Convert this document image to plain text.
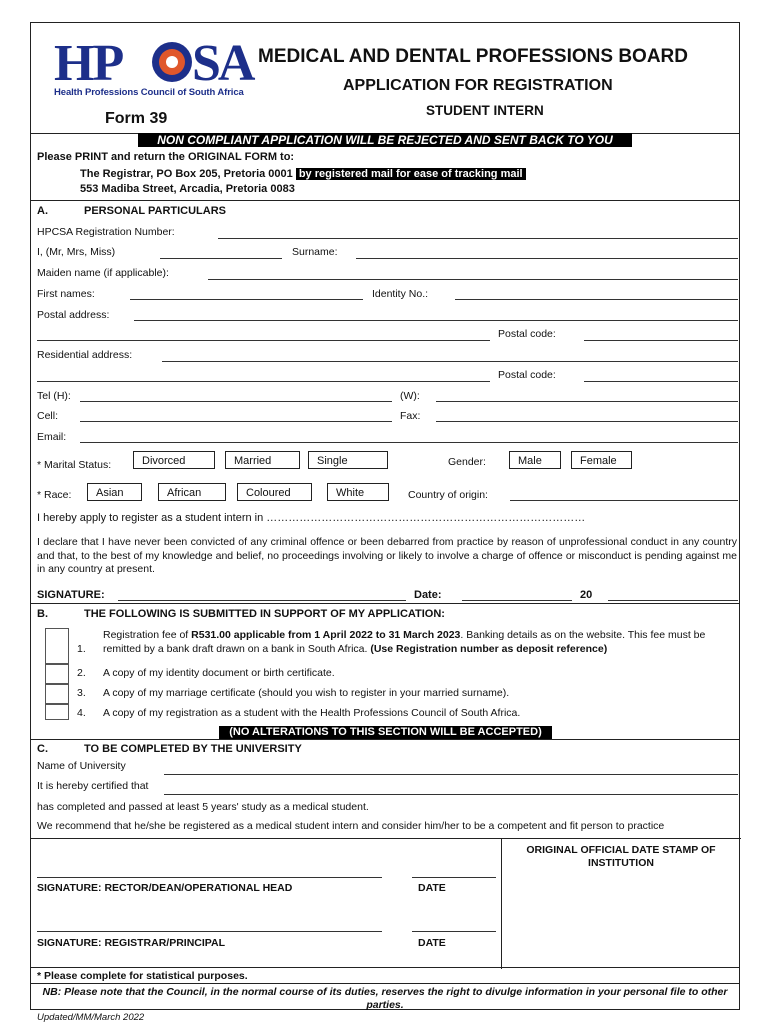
HP SA
Health Professions Council of South Africa
MEDICAL AND DENTAL PROFESSIONS BOARD
APPLICATION FOR REGISTRATION
STUDENT INTERN
Form 39
NON COMPLIANT APPLICATION WILL BE REJECTED AND SENT BACK TO YOU
Please PRINT and return the ORIGINAL FORM to:
The Registrar, PO Box 205, Pretoria 0001 by registered mail for ease of tracking mail
553 Madiba Street, Arcadia, Pretoria 0083
A.	PERSONAL PARTICULARS
HPCSA Registration Number:
I, (Mr, Mrs, Miss)	Surname:
Maiden name (if applicable):
First names:	Identity No.:
Postal address:
Postal code:
Residential address:
Postal code:
Tel (H):	(W):
Cell:	Fax:
Email:
* Marital Status:	Divorced	Married	Single	Gender:	Male	Female
* Race:	Asian	African	Coloured	White	Country of origin:
I hereby apply to register as a student intern in ……………………………………………………………………………
I declare that I have never been convicted of any criminal offence or been debarred from practice by reason of unprofessional conduct in any country and that, to the best of my knowledge and belief, no proceedings involving or likely to involve a charge of offence or misconduct is pending against me in any country at present.
SIGNATURE:	Date:	20
B.	THE FOLLOWING IS SUBMITTED IN SUPPORT OF MY APPLICATION:
1.
Registration fee of R531.00 applicable from 1 April 2022 to 31 March 2023. Banking details as on the website. This fee must be remitted by a bank draft drawn on a bank in South Africa. (Use Registration number as deposit reference)
2. A copy of my identity document or birth certificate.
3. A copy of my marriage certificate (should you wish to register in your married surname).
4. A copy of my registration as a student with the Health Professions Council of South Africa.
(NO ALTERATIONS TO THIS SECTION WILL BE ACCEPTED)
C.	TO BE COMPLETED BY THE UNIVERSITY
Name of University
It is hereby certified that
has completed and passed at least 5 years' study as a medical student.
We recommend that he/she be registered as a medical student intern and consider him/her to be a competent and fit person to practice
ORIGINAL OFFICIAL DATE STAMP OF INSTITUTION
SIGNATURE: RECTOR/DEAN/OPERATIONAL HEAD	DATE
SIGNATURE: REGISTRAR/PRINCIPAL	DATE
* Please complete for statistical purposes.
NB: Please note that the Council, in the normal course of its duties, reserves the right to divulge information in your personal file to other parties.
Updated/MM/March 2022
